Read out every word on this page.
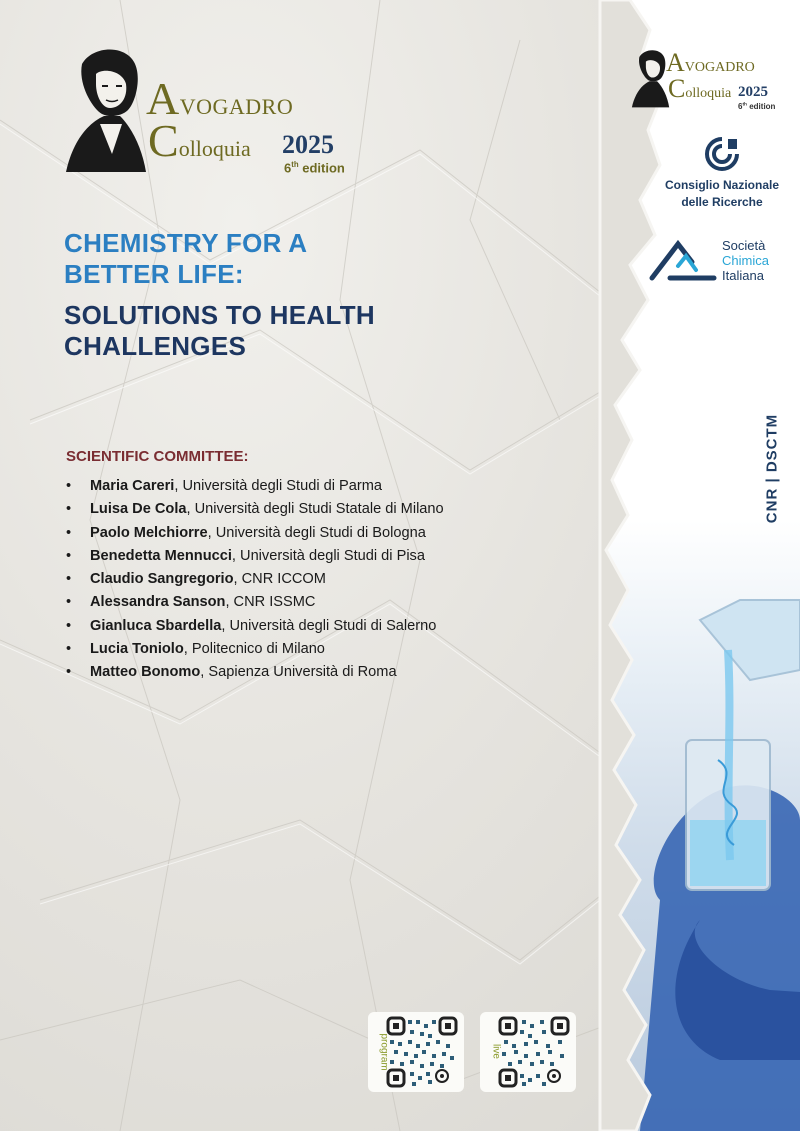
AVOGADRO
Colloquia 2025
6th edition
AVOGADRO
Colloquia 2025
6th edition
Consiglio Nazionale
delle Ricerche
Società
Chimica
Italiana
CNR | DSCTM
CHEMISTRY FOR A
BETTER LIFE:
SOLUTIONS TO HEALTH
CHALLENGES
SCIENTIFIC COMMITTEE:
• Maria Careri, Università degli Studi di Parma
• Luisa De Cola, Università degli Studi Statale di Milano
• Paolo Melchiorre, Università degli Studi di Bologna
• Benedetta Mennucci, Università degli Studi di Pisa
• Claudio Sangregorio, CNR ICCOM
• Alessandra Sanson, CNR ISSMC
• Gianluca Sbardella, Università degli Studi di Salerno
• Lucia Toniolo, Politecnico di Milano
• Matteo Bonomo, Sapienza Università di Roma
program	live
